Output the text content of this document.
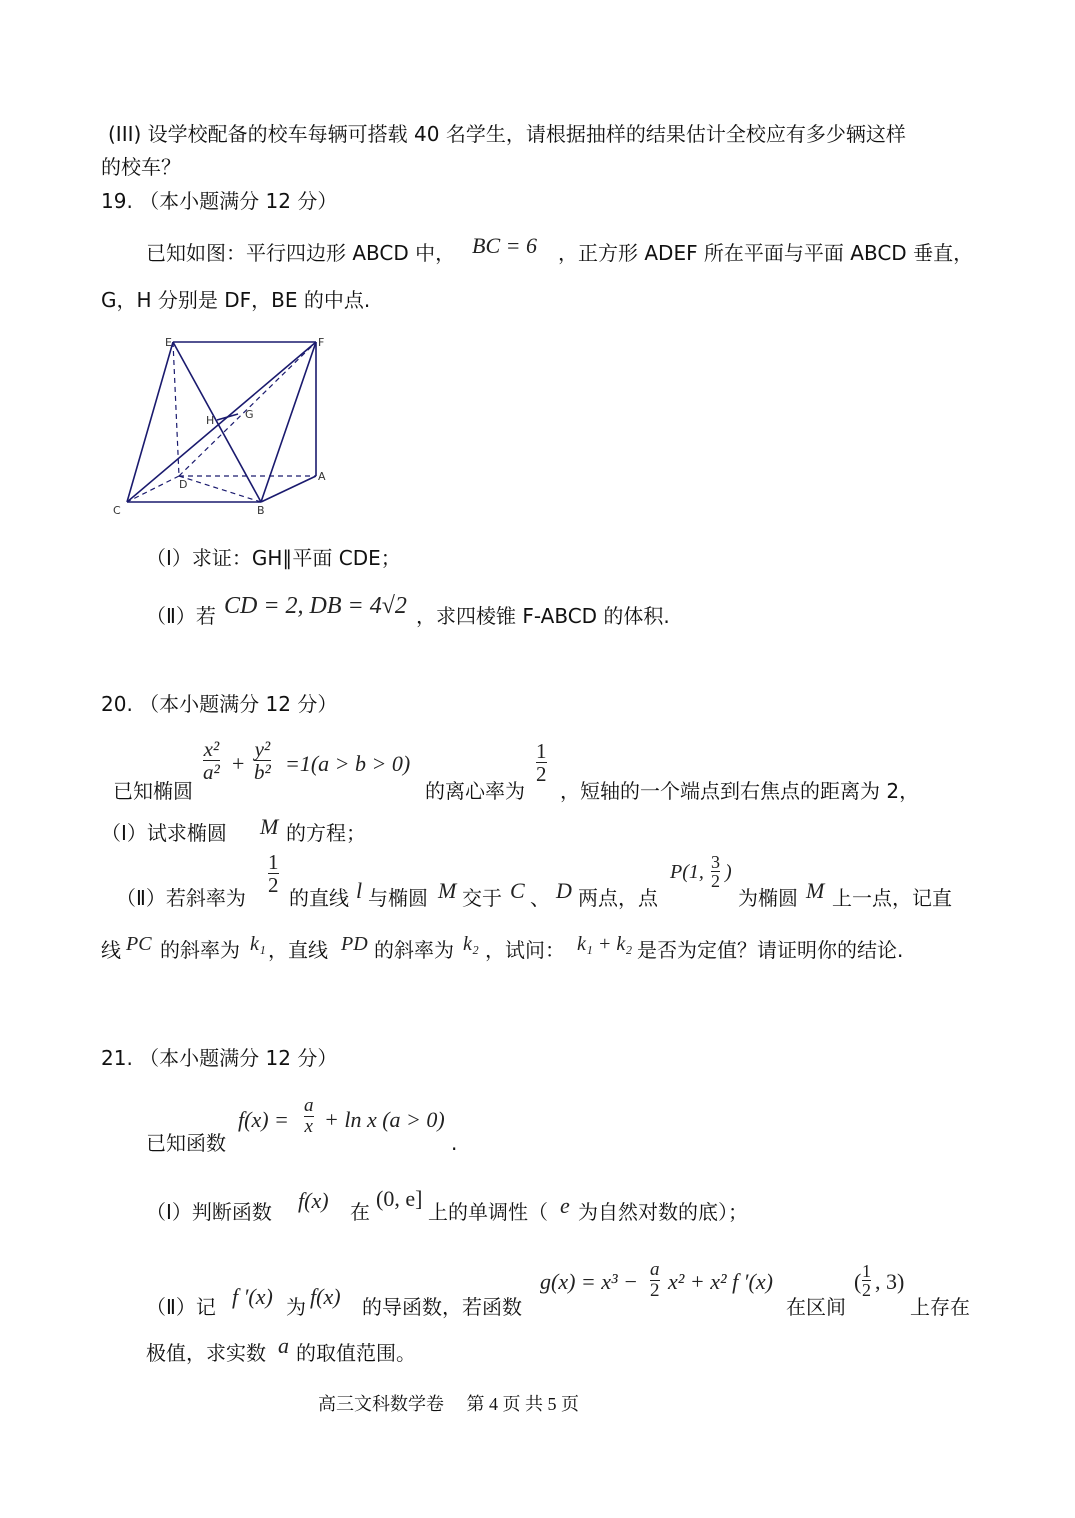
(III) 设学校配备的校车每辆可搭载 40 名学生，请根据抽样的结果估计全校应有多少辆这样
的校车？
19. （本小题满分 12 分）
已知如图：平行四边形 ABCD 中， BC = 6 ，正方形 ADEF 所在平面与平面 ABCD 垂直，
G，H 分别是 DF，BE 的中点.
E	F
H	G
D
A
C	B
（Ⅰ）求证：GH∥平面 CDE；
（Ⅱ）若 CD = 2, DB = 4√2 ，求四棱锥 F-ABCD 的体积.
20. （本小题满分 12 分）
已知椭圆
x²
a² +
y²
b² =1(a > b > 0)
的离心率为
1
2
，短轴的一个端点到右焦点的距离为 2，
（Ⅰ）试求椭圆 M 的方程；
（Ⅱ）若斜率为
1
2
的直线 l 与椭圆 M 交于 C 、 D 两点，点
P(1, 3
2 )
为椭圆 M 上一点，记直
线 PC 的斜率为 k₁ ，直线 PD 的斜率为 k₂ ，试问： k₁ + k₂ 是否为定值？请证明你的结论.
21. （本小题满分 12 分）
已知函数
f(x) =
a
x + ln x (a > 0)
.
（Ⅰ）判断函数 f(x) 在
(0, e]
上的单调性（ e 为自然对数的底）；
（Ⅱ）记 f ′(x) 为 f(x) 的导函数，若函数
g(x) = x³ − a
2 x² + x² f ′(x)
在区间
( 1
2 , 3)
上存在
极值，求实数 a 的取值范围。
高三文科数学卷　 第 4 页 共 5 页
